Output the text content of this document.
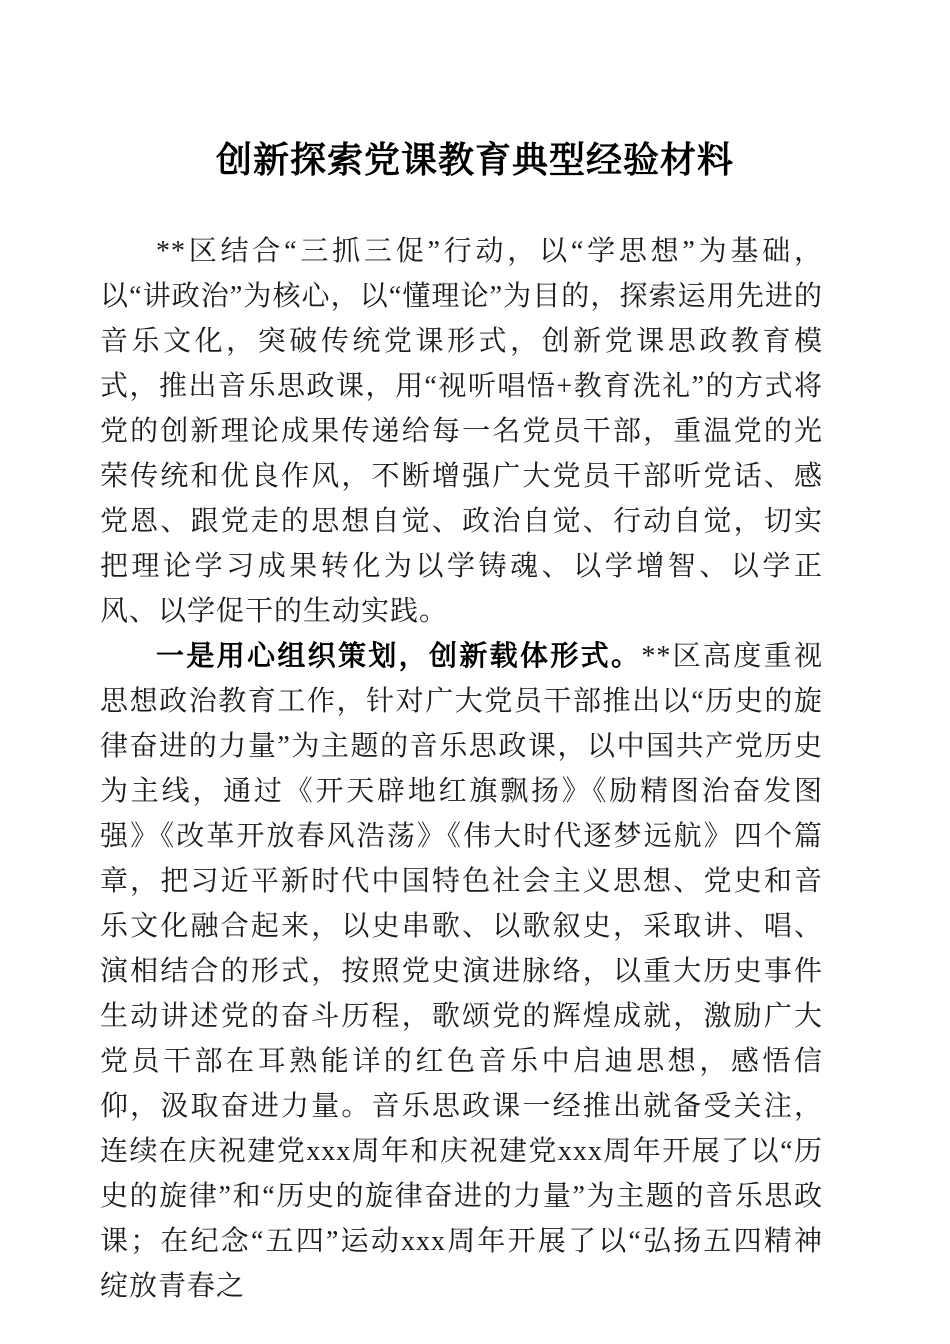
创新探索党课教育典型经验材料

**区结合“三抓三促”行动，以“学思想”为基础，以“讲政治”为核心，以“懂理论”为目的，探索运用先进的音乐文化，突破传统党课形式，创新党课思政教育模式，推出音乐思政课，用“视听唱悟+教育洗礼”的方式将党的创新理论成果传递给每一名党员干部，重温党的光荣传统和优良作风，不断增强广大党员干部听党话、感党恩、跟党走的思想自觉、政治自觉、行动自觉，切实把理论学习成果转化为以学铸魂、以学增智、以学正风、以学促干的生动实践。

一是用心组织策划，创新载体形式。**区高度重视思想政治教育工作，针对广大党员干部推出以“历史的旋律奋进的力量”为主题的音乐思政课，以中国共产党历史为主线，通过《开天辟地红旗飘扬》《励精图治奋发图强》《改革开放春风浩荡》《伟大时代逐梦远航》四个篇章，把习近平新时代中国特色社会主义思想、党史和音乐文化融合起来，以史串歌、以歌叙史，采取讲、唱、演相结合的形式，按照党史演进脉络，以重大历史事件生动讲述党的奋斗历程，歌颂党的辉煌成就，激励广大党员干部在耳熟能详的红色音乐中启迪思想，感悟信仰，汲取奋进力量。音乐思政课一经推出就备受关注，连续在庆祝建党xxx周年和庆祝建党xxx周年开展了以“历史的旋律”和“历史的旋律奋进的力量”为主题的音乐思政课；在纪念“五四”运动xxx周年开展了以“弘扬五四精神绽放青春之
